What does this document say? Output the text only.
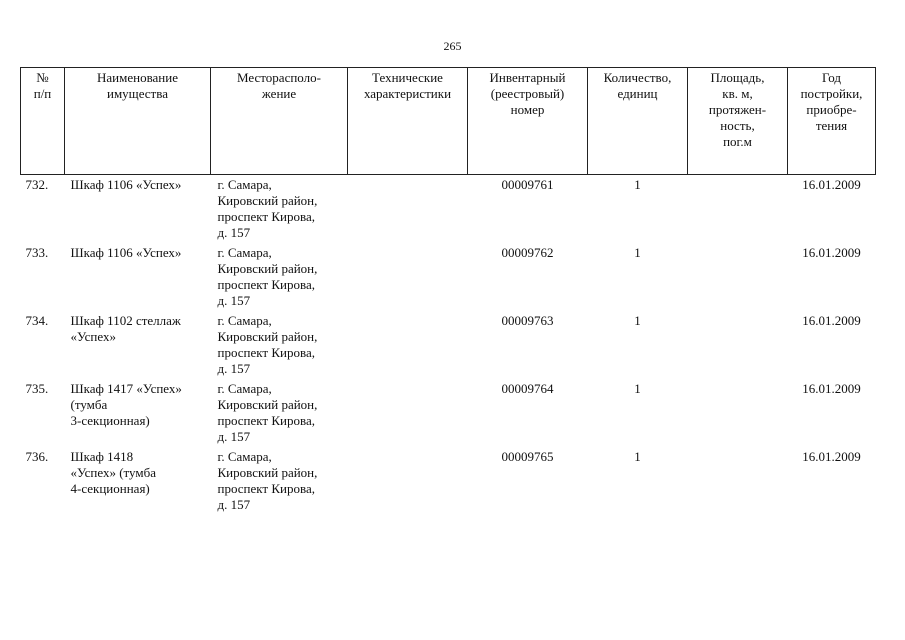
265
№
п/п	Наименование
имущества	Месторасполо-
жение	Технические
характеристики	Инвентарный
(реестровый)
номер	Количество,
единиц	Площадь,
кв. м,
протяжен-
ность,
пог.м	Год
постройки,
приобре-
тения

732.	Шкаф 1106 «Успех»	г. Самара,
Кировский район,
проспект Кирова,
д. 157		00009761	1		16.01.2009
733.	Шкаф 1106 «Успех»	г. Самара,
Кировский район,
проспект Кирова,
д. 157		00009762	1		16.01.2009
734.	Шкаф 1102 стеллаж
«Успех»	г. Самара,
Кировский район,
проспект Кирова,
д. 157		00009763	1		16.01.2009
735.	Шкаф 1417 «Успех»
(тумба
3-секционная)	г. Самара,
Кировский район,
проспект Кирова,
д. 157		00009764	1		16.01.2009
736.	Шкаф 1418
«Успех» (тумба
4-секционная)	г. Самара,
Кировский район,
проспект Кирова,
д. 157		00009765	1		16.01.2009
